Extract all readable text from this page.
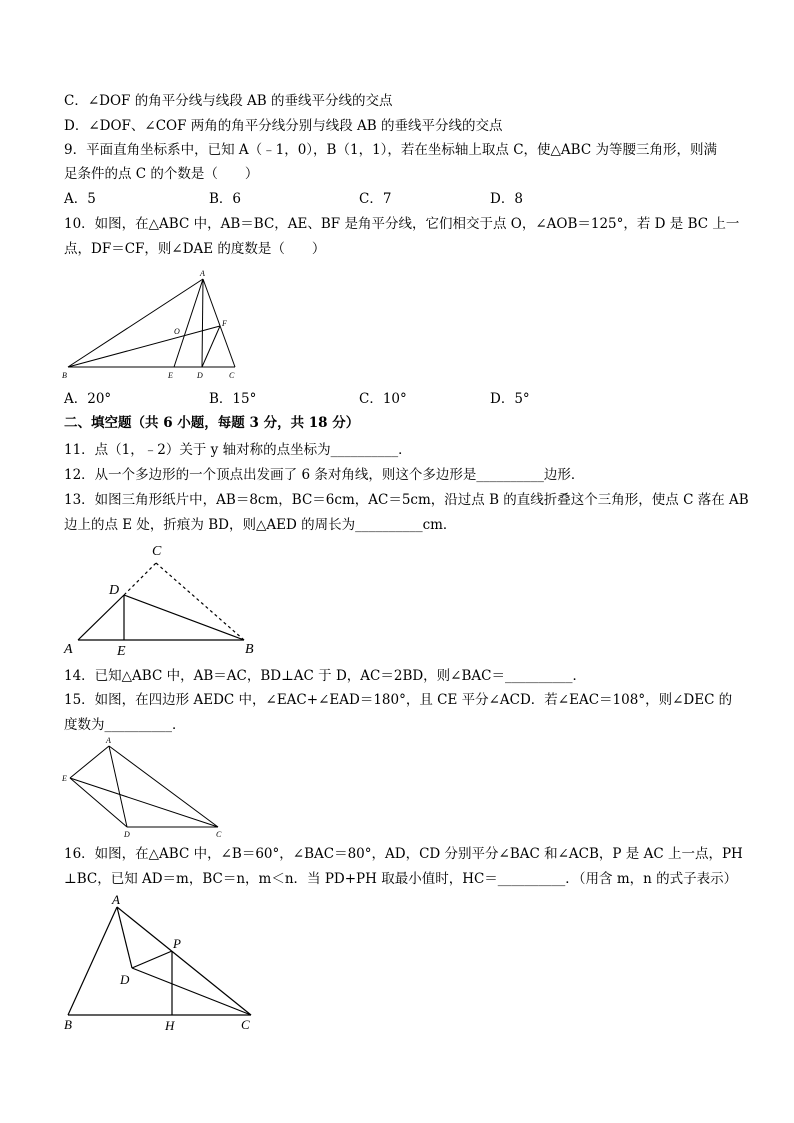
C．∠DOF 的角平分线与线段 AB 的垂线平分线的交点
D．∠DOF、∠COF 两角的角平分线分别与线段 AB 的垂线平分线的交点
9．平面直角坐标系中，已知 A（﹣1，0），B（1，1），若在坐标轴上取点 C，使△ABC 为等腰三角形，则满
足条件的点 C 的个数是（　　）
A．5	B．6	C．7	D．8
10．如图，在△ABC 中，AB＝BC，AE、BF 是角平分线，它们相交于点 O，∠AOB＝125°，若 D 是 BC 上一
点，DF＝CF，则∠DAE 的度数是（　　）
A
B	C
D
E
F
O
A．20°	B．15°	C．10°	D．5°
二、填空题（共 6 小题，每题 3 分，共 18 分）
11．点（1，﹣2）关于 y 轴对称的点坐标为__________．
12．从一个多边形的一个顶点出发画了 6 条对角线，则这个多边形是__________边形．
13．如图三角形纸片中，AB＝8cm，BC＝6cm，AC＝5cm，沿过点 B 的直线折叠这个三角形，使点 C 落在 AB
边上的点 E 处，折痕为 BD，则△AED 的周长为__________cm．
C
D
A	E	B
14．已知△ABC 中，AB＝AC，BD⊥AC 于 D，AC＝2BD，则∠BAC＝__________．
15．如图，在四边形 AEDC 中，∠EAC+∠EAD＝180°，且 CE 平分∠ACD．若∠EAC＝108°，则∠DEC 的
度数为__________．
A
E
D	C
16．如图，在△ABC 中，∠B＝60°，∠BAC＝80°，AD，CD 分别平分∠BAC 和∠ACB，P 是 AC 上一点，PH
⊥BC，已知 AD＝m，BC＝n，m＜n．当 PD+PH 取最小值时，HC＝__________．（用含 m，n 的式子表示）
A
P
D
B	H	C
